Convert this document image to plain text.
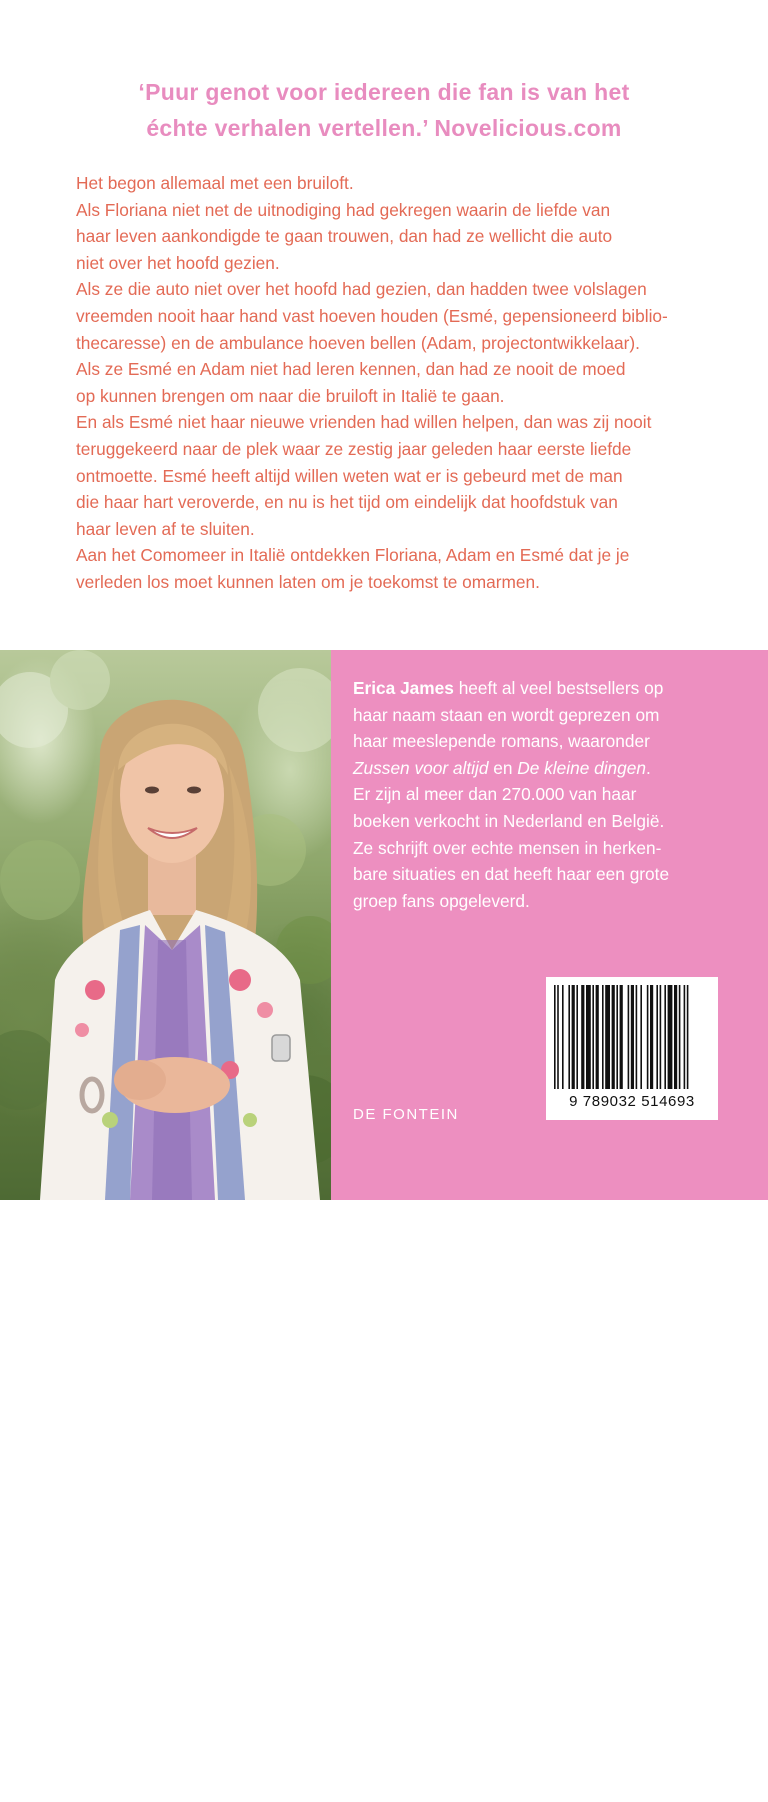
‘Puur genot voor iedereen die fan is van het
échte verhalen vertellen.’ Novelicious.com
Het begon allemaal met een bruiloft.
Als Floriana niet net de uitnodiging had gekregen waarin de liefde van
haar leven aankondigde te gaan trouwen, dan had ze wellicht die auto
niet over het hoofd gezien.
Als ze die auto niet over het hoofd had gezien, dan hadden twee volslagen
vreemden nooit haar hand vast hoeven houden (Esmé, gepensioneerd biblio-
thecaresse) en de ambulance hoeven bellen (Adam, projectontwikkelaar).
Als ze Esmé en Adam niet had leren kennen, dan had ze nooit de moed
op kunnen brengen om naar die bruiloft in Italië te gaan.
En als Esmé niet haar nieuwe vrienden had willen helpen, dan was zij nooit
teruggekeerd naar de plek waar ze zestig jaar geleden haar eerste liefde
ontmoette. Esmé heeft altijd willen weten wat er is gebeurd met de man
die haar hart veroverde, en nu is het tijd om eindelijk dat hoofdstuk van
haar leven af te sluiten.
Aan het Comomeer in Italië ontdekken Floriana, Adam en Esmé dat je je
verleden los moet kunnen laten om je toekomst te omarmen.
© Indira Flack
Erica James heeft al veel bestsellers op
haar naam staan en wordt geprezen om
haar meeslepende romans, waaronder
Zussen voor altijd en De kleine dingen.
Er zijn al meer dan 270.000 van haar
boeken verkocht in Nederland en België.
Ze schrijft over echte mensen in herken-
bare situaties en dat heeft haar een grote
groep fans opgeleverd.
9 789032 514693
DE FONTEIN
